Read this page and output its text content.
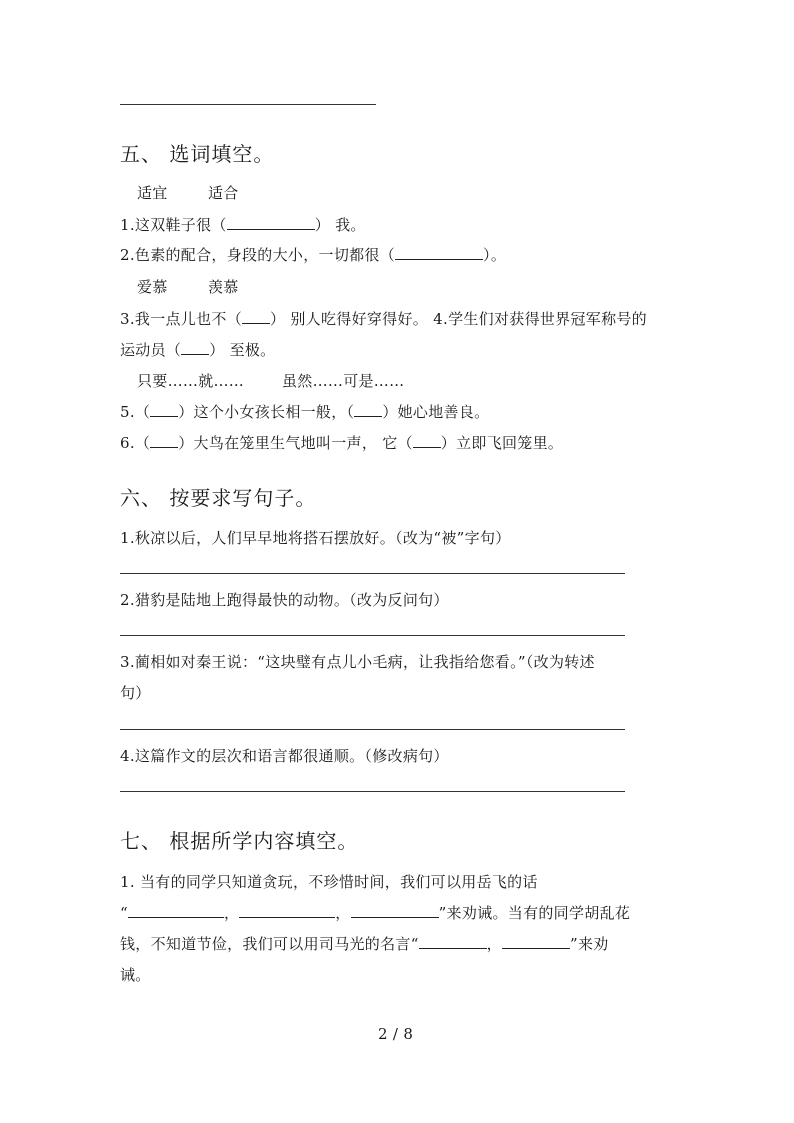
五、 选词填空。
适宜	适合
1.这双鞋子很（	） 我。
2.色素的配合，身段的大小，一切都很（	）。
爱慕	羡慕
3.我一点儿也不（ ） 别人吃得好穿得好。 4.学生们对获得世界冠军称号的
运动员（ ） 至极。
只要……就……	虽然……可是……
5.（ ）这个小女孩长相一般，（ ）她心地善良。
6.（ ）大鸟在笼里生气地叫一声， 它（ ）立即飞回笼里。
六、 按要求写句子。
1.秋凉以后，人们早早地将搭石摆放好。（改为“被”字句）
2.猎豹是陆地上跑得最快的动物。（改为反问句）
3.蔺相如对秦王说：“这块璧有点儿小毛病，让我指给您看。”（改为转述
句）
4.这篇作文的层次和语言都很通顺。（修改病句）
七、 根据所学内容填空。
1. 当有的同学只知道贪玩，不珍惜时间，我们可以用岳飞的话
“	，	，	”来劝诫。当有的同学胡乱花
钱，不知道节俭，我们可以用司马光的名言“	，	”来劝
诫。
2 / 8
